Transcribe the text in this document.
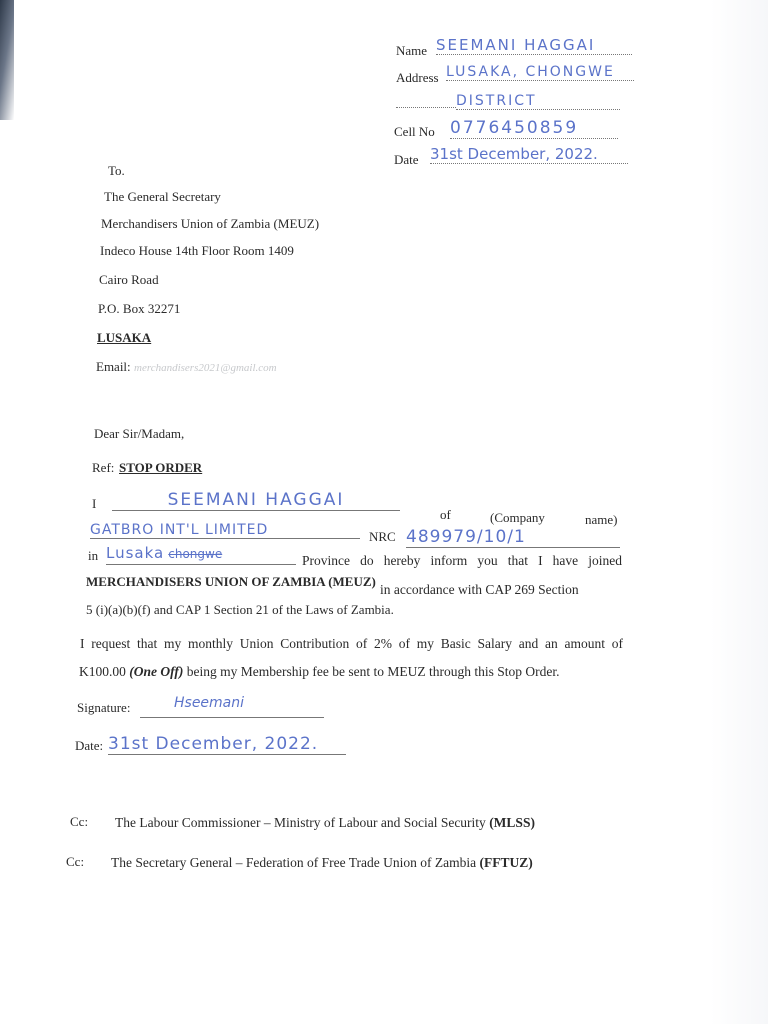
Name SEEMANI HAGGAI
Address LUSAKA, CHONGWE
DISTRICT
Cell No 0776450859
Date 31st December, 2022.
To.
The General Secretary
Merchandisers Union of Zambia (MEUZ)
Indeco House 14th Floor Room 1409
Cairo Road
P.O. Box 32271
LUSAKA
Email: merchandisers2021@gmail.com
Dear Sir/Madam,
Ref: STOP ORDER
I	SEEMANI HAGGAI
of	(Company	name)
GATBRO INT'L LIMITED	NRC 489979/10/1
in Lusaka chongwe	Province do hereby inform you that I have joined
MERCHANDISERS UNION OF ZAMBIA (MEUZ)
in accordance with CAP 269 Section
5 (i)(a)(b)(f) and CAP 1 Section 21 of the Laws of Zambia.
I request that my monthly Union Contribution of 2% of my Basic Salary and an amount of
K100.00 (One Off) being my Membership fee be sent to MEUZ through this Stop Order.
Signature:	Hseemani
Date: 31st December, 2022.
Cc: The Labour Commissioner – Ministry of Labour and Social Security (MLSS)
Cc: The Secretary General – Federation of Free Trade Union of Zambia (FFTUZ)
